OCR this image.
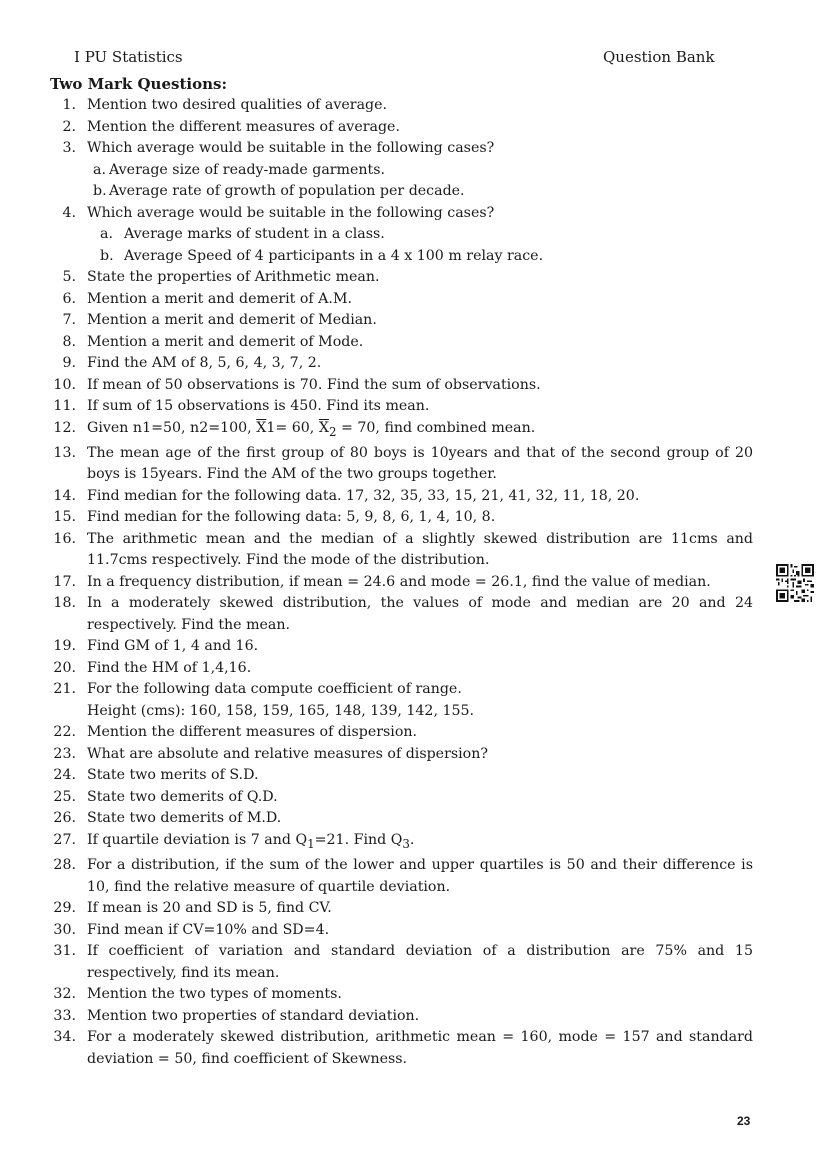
I PU Statistics	Question Bank
Two Mark Questions:
1. Mention two desired qualities of average.
2. Mention the different measures of average.
3. Which average would be suitable in the following cases?
a. Average size of ready-made garments.
b. Average rate of growth of population per decade.
4. Which average would be suitable in the following cases?
a. Average marks of student in a class.
b. Average Speed of 4 participants in a 4 x 100 m relay race.
5. State the properties of Arithmetic mean.
6. Mention a merit and demerit of A.M.
7. Mention a merit and demerit of Median.
8. Mention a merit and demerit of Mode.
9. Find the AM of 8, 5, 6, 4, 3, 7, 2.
10. If mean of 50 observations is 70. Find the sum of observations.
11. If sum of 15 observations is 450. Find its mean.
12. Given n1=50, n2=100, $\overline{X}1= 60$, $\overline{X}_2 = 70$, find combined mean.
13. The mean age of the first group of 80 boys is 10years and that of the second group of 20 boys is 15years. Find the AM of the two groups together.
14. Find median for the following data. 17, 32, 35, 33, 15, 21, 41, 32, 11, 18, 20.
15. Find median for the following data: 5, 9, 8, 6, 1, 4, 10, 8.
16. The arithmetic mean and the median of a slightly skewed distribution are 11cms and 11.7cms respectively. Find the mode of the distribution.
17. In a frequency distribution, if mean = 24.6 and mode = 26.1, find the value of median.
18. In a moderately skewed distribution, the values of mode and median are 20 and 24 respectively. Find the mean.
19. Find GM of 1, 4 and 16.
20. Find the HM of 1,4,16.
21. For the following data compute coefficient of range.
Height (cms): 160, 158, 159, 165, 148, 139, 142, 155.
22. Mention the different measures of dispersion.
23. What are absolute and relative measures of dispersion?
24. State two merits of S.D.
25. State two demerits of Q.D.
26. State two demerits of M.D.
27. If quartile deviation is 7 and $Q_1=21$. Find $Q_3$.
28. For a distribution, if the sum of the lower and upper quartiles is 50 and their difference is 10, find the relative measure of quartile deviation.
29. If mean is 20 and SD is 5, find CV.
30. Find mean if CV=10% and SD=4.
31. If coefficient of variation and standard deviation of a distribution are 75% and 15 respectively, find its mean.
32. Mention the two types of moments.
33. Mention two properties of standard deviation.
34. For a moderately skewed distribution, arithmetic mean = 160, mode = 157 and standard deviation = 50, find coefficient of Skewness.
23
